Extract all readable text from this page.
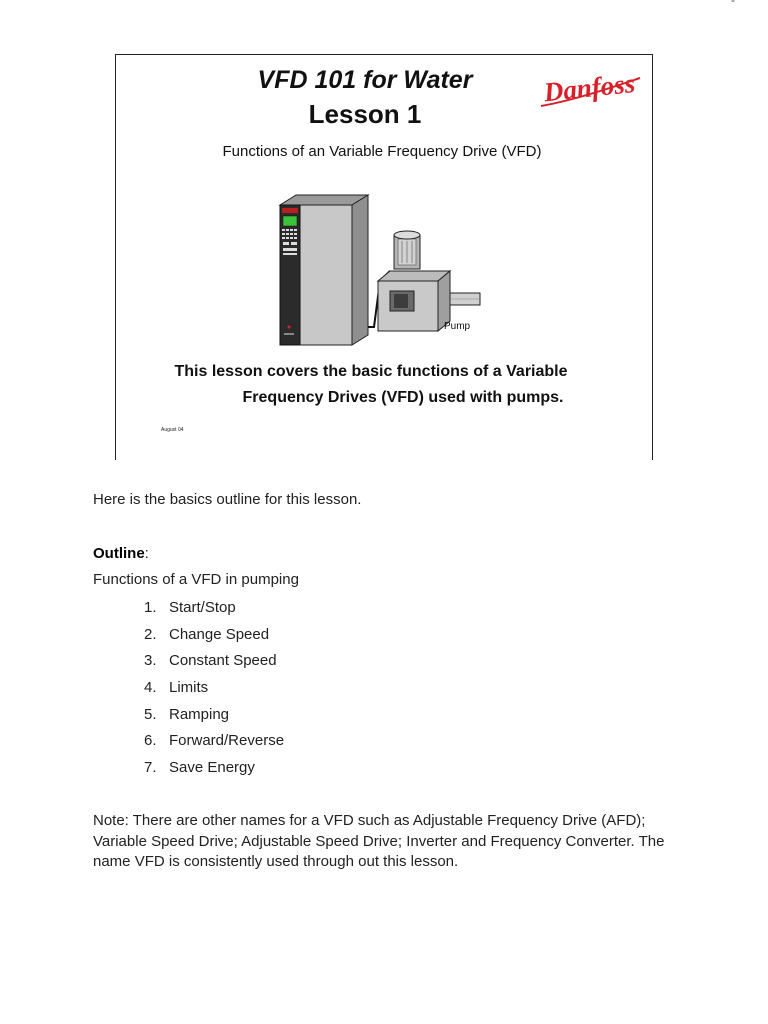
-
VFD 101 for Water
Lesson 1
Danfoss
Functions of an Variable Frequency Drive (VFD)
Pump
This lesson covers the basic functions of a Variable
Frequency Drives (VFD) used with pumps.
August 04
Here is the basics outline for this lesson.
Outline:
Functions of a VFD in pumping
1. Start/Stop
2. Change Speed
3. Constant Speed
4. Limits
5. Ramping
6. Forward/Reverse
7. Save Energy
Note: There are other names for a VFD such as Adjustable Frequency Drive (AFD); Variable Speed Drive; Adjustable Speed Drive; Inverter and Frequency Converter. The name VFD is consistently used through out this lesson.
